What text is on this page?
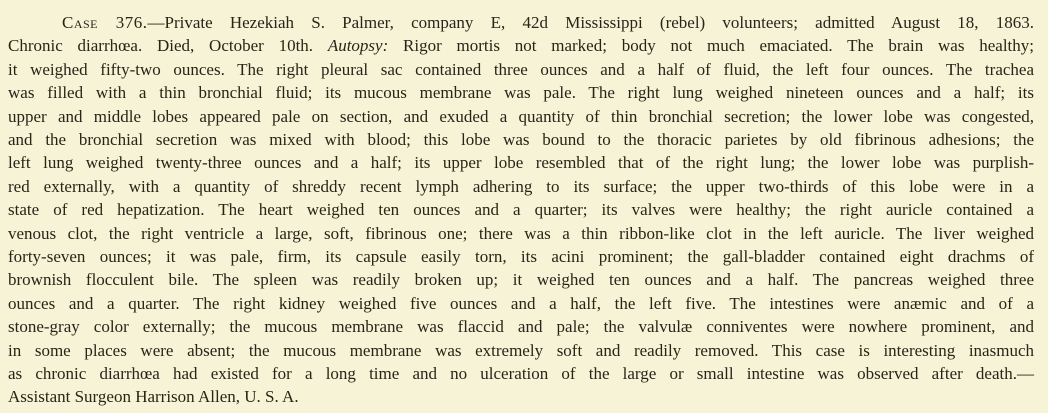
Case 376.—Private Hezekiah S. Palmer, company E, 42d Mississippi (rebel) volunteers; admitted August 18, 1863.
Chronic diarrhœa. Died, October 10th. Autopsy: Rigor mortis not marked; body not much emaciated. The brain was healthy;
it weighed fifty-two ounces. The right pleural sac contained three ounces and a half of fluid, the left four ounces. The trachea
was filled with a thin bronchial fluid; its mucous membrane was pale. The right lung weighed nineteen ounces and a half; its
upper and middle lobes appeared pale on section, and exuded a quantity of thin bronchial secretion; the lower lobe was congested,
and the bronchial secretion was mixed with blood; this lobe was bound to the thoracic parietes by old fibrinous adhesions; the
left lung weighed twenty-three ounces and a half; its upper lobe resembled that of the right lung; the lower lobe was purplish-
red externally, with a quantity of shreddy recent lymph adhering to its surface; the upper two-thirds of this lobe were in a
state of red hepatization. The heart weighed ten ounces and a quarter; its valves were healthy; the right auricle contained a
venous clot, the right ventricle a large, soft, fibrinous one; there was a thin ribbon-like clot in the left auricle. The liver weighed
forty-seven ounces; it was pale, firm, its capsule easily torn, its acini prominent; the gall-bladder contained eight drachms of
brownish flocculent bile. The spleen was readily broken up; it weighed ten ounces and a half. The pancreas weighed three
ounces and a quarter. The right kidney weighed five ounces and a half, the left five. The intestines were anæmic and of a
stone-gray color externally; the mucous membrane was flaccid and pale; the valvulæ conniventes were nowhere prominent, and
in some places were absent; the mucous membrane was extremely soft and readily removed. This case is interesting inasmuch
as chronic diarrhœa had existed for a long time and no ulceration of the large or small intestine was observed after death.—
Assistant Surgeon Harrison Allen, U. S. A.
